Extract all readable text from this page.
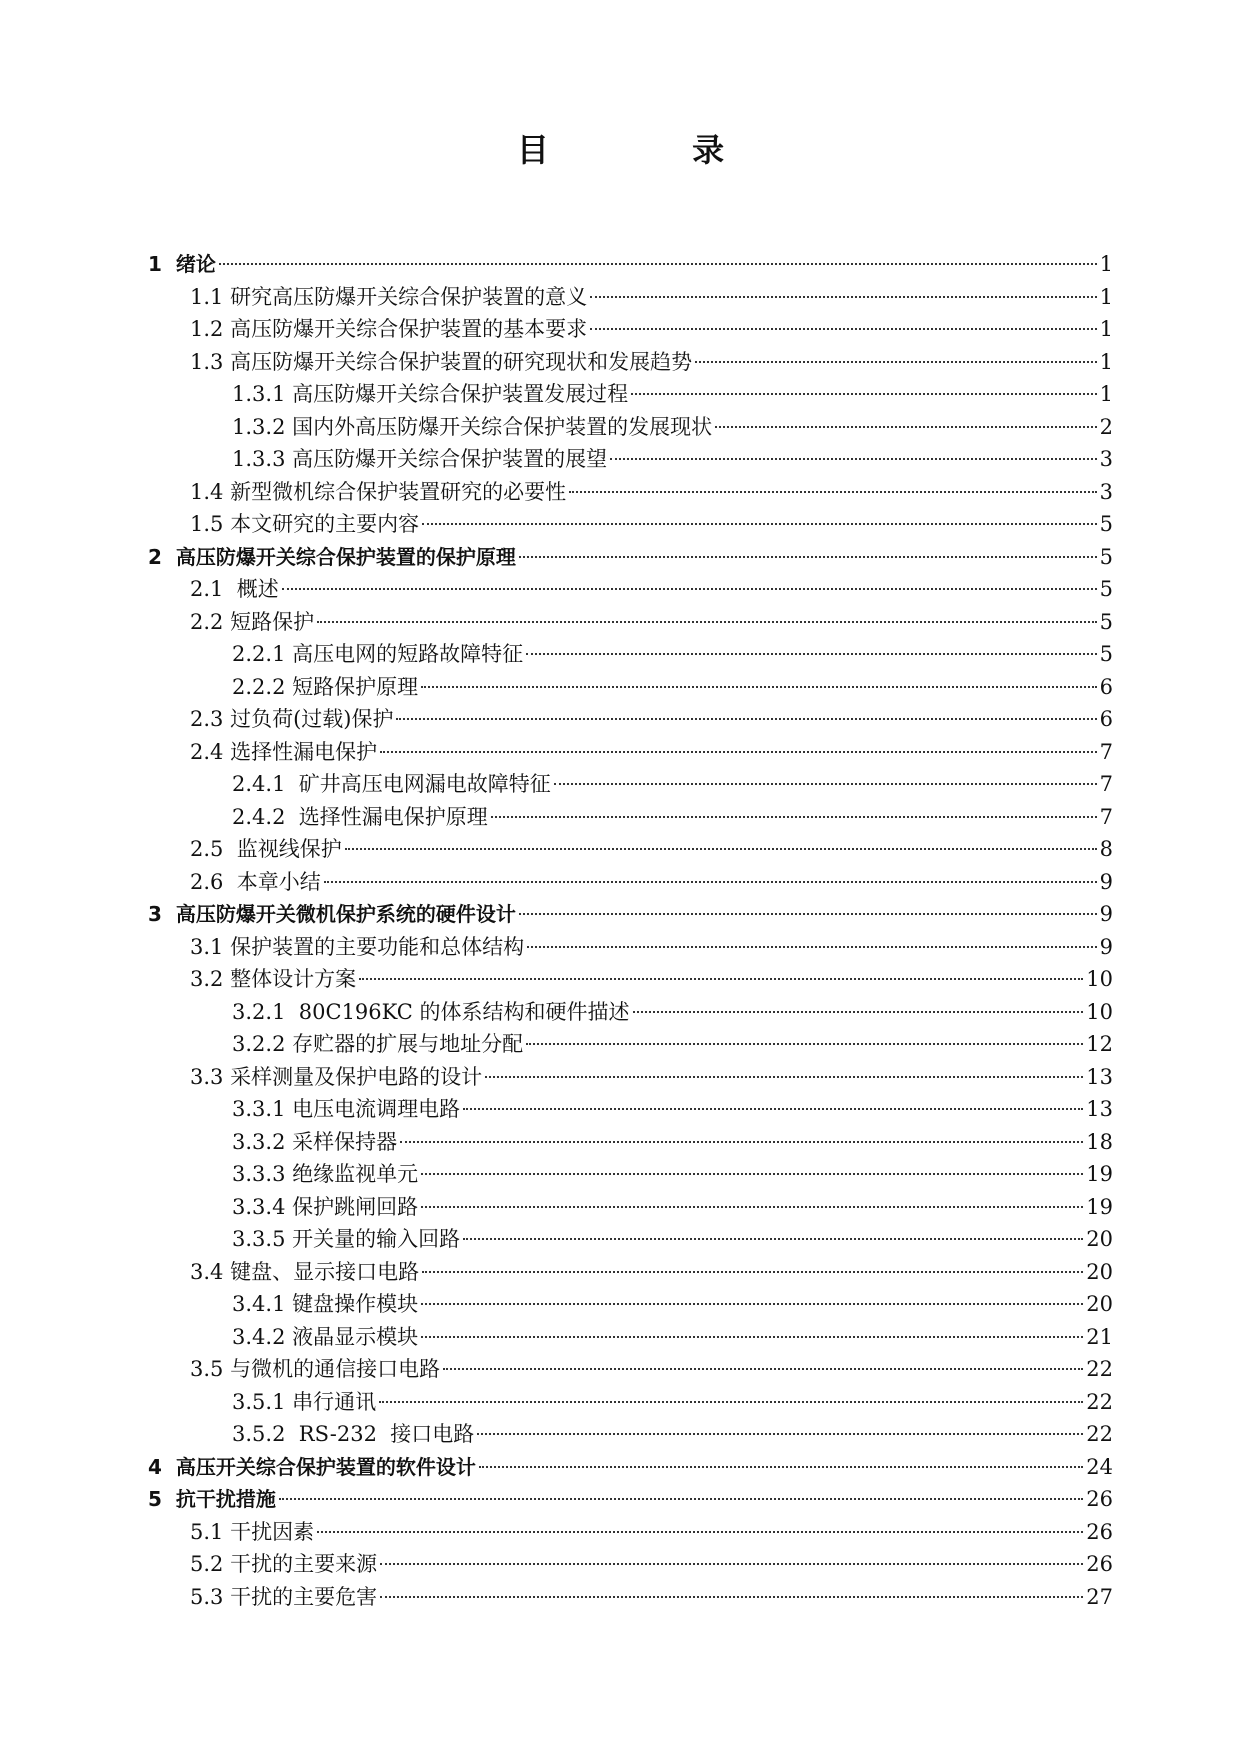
目 录
1  绪论	1
1.1 研究高压防爆开关综合保护装置的意义	1
1.2 高压防爆开关综合保护装置的基本要求	1
1.3 高压防爆开关综合保护装置的研究现状和发展趋势	1
1.3.1 高压防爆开关综合保护装置发展过程	1
1.3.2 国内外高压防爆开关综合保护装置的发展现状	2
1.3.3 高压防爆开关综合保护装置的展望	3
1.4 新型微机综合保护装置研究的必要性	3
1.5 本文研究的主要内容	5
2  高压防爆开关综合保护装置的保护原理	5
2.1  概述	5
2.2 短路保护	5
2.2.1 高压电网的短路故障特征	5
2.2.2 短路保护原理	6
2.3 过负荷(过载)保护	6
2.4 选择性漏电保护	7
2.4.1  矿井高压电网漏电故障特征	7
2.4.2  选择性漏电保护原理	7
2.5  监视线保护	8
2.6  本章小结	9
3  高压防爆开关微机保护系统的硬件设计	9
3.1 保护装置的主要功能和总体结构	9
3.2 整体设计方案	10
3.2.1  80C196KC 的体系结构和硬件描述	10
3.2.2 存贮器的扩展与地址分配	12
3.3 采样测量及保护电路的设计	13
3.3.1 电压电流调理电路	13
3.3.2 采样保持器	18
3.3.3 绝缘监视单元	19
3.3.4 保护跳闸回路	19
3.3.5 开关量的输入回路	20
3.4 键盘、显示接口电路	20
3.4.1 键盘操作模块	20
3.4.2 液晶显示模块	21
3.5 与微机的通信接口电路	22
3.5.1 串行通讯	22
3.5.2  RS-232  接口电路	22
4  高压开关综合保护装置的软件设计	24
5  抗干扰措施	26
5.1 干扰因素	26
5.2 干扰的主要来源	26
5.3 干扰的主要危害	27
